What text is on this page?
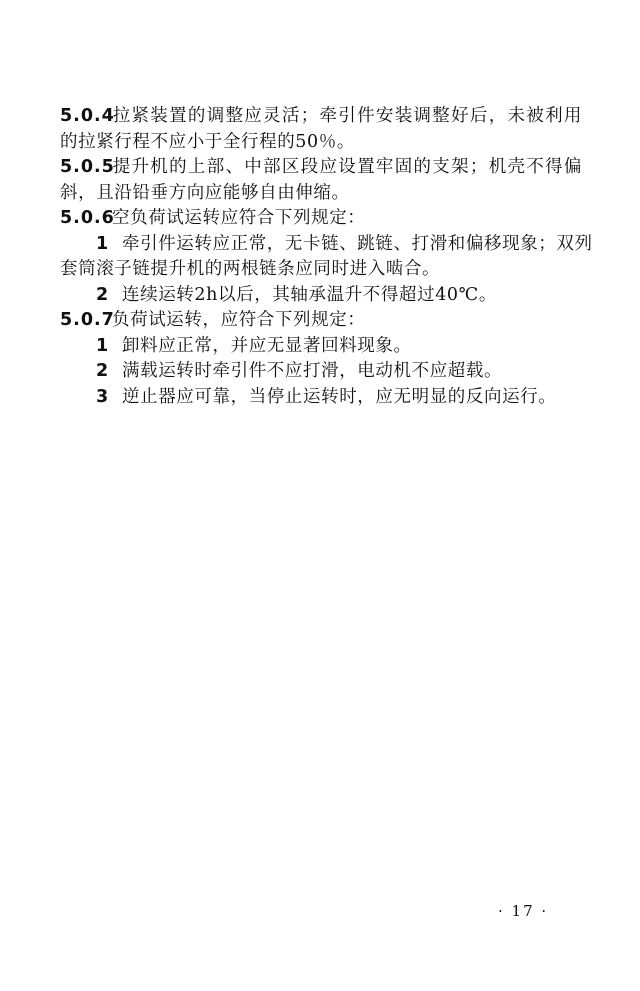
5.0.4拉紧装置的调整应灵活；牵引件安装调整好后，未被利用
的拉紧行程不应小于全行程的50％。
5.0.5提升机的上部、中部区段应设置牢固的支架；机壳不得偏
斜，且沿铅垂方向应能够自由伸缩。
5.0.6空负荷试运转应符合下列规定：
1 牵引件运转应正常，无卡链、跳链、打滑和偏移现象；双列
套筒滚子链提升机的两根链条应同时进入啮合。
2 连续运转2h以后，其轴承温升不得超过40℃。
5.0.7负荷试运转，应符合下列规定：
1 卸料应正常，并应无显著回料现象。
2 满载运转时牵引件不应打滑，电动机不应超载。
3 逆止器应可靠，当停止运转时，应无明显的反向运行。
· 17 ·
